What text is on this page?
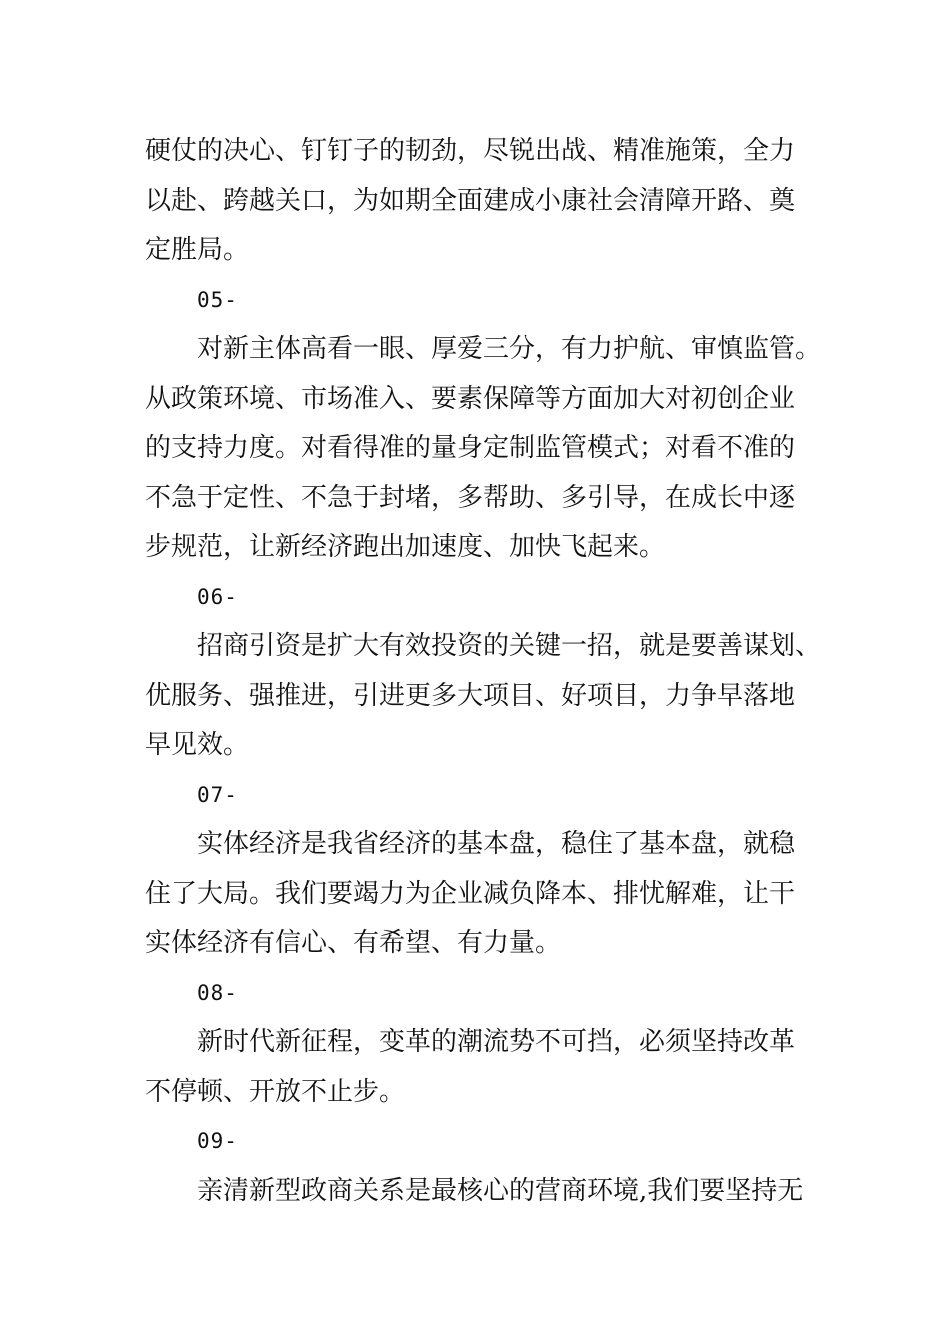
硬仗的决心、钉钉子的韧劲，尽锐出战、精准施策，全力
以赴、跨越关口，为如期全面建成小康社会清障开路、奠
定胜局。
05-
对新主体高看一眼、厚爱三分，有力护航、审慎监管。
从政策环境、市场准入、要素保障等方面加大对初创企业
的支持力度。对看得准的量身定制监管模式；对看不准的
不急于定性、不急于封堵，多帮助、多引导，在成长中逐
步规范，让新经济跑出加速度、加快飞起来。
06-
招商引资是扩大有效投资的关键一招，就是要善谋划、
优服务、强推进，引进更多大项目、好项目，力争早落地
早见效。
07-
实体经济是我省经济的基本盘，稳住了基本盘，就稳
住了大局。我们要竭力为企业减负降本、排忧解难，让干
实体经济有信心、有希望、有力量。
08-
新时代新征程，变革的潮流势不可挡，必须坚持改革
不停顿、开放不止步。
09-
亲清新型政商关系是最核心的营商环境,我们要坚持无
